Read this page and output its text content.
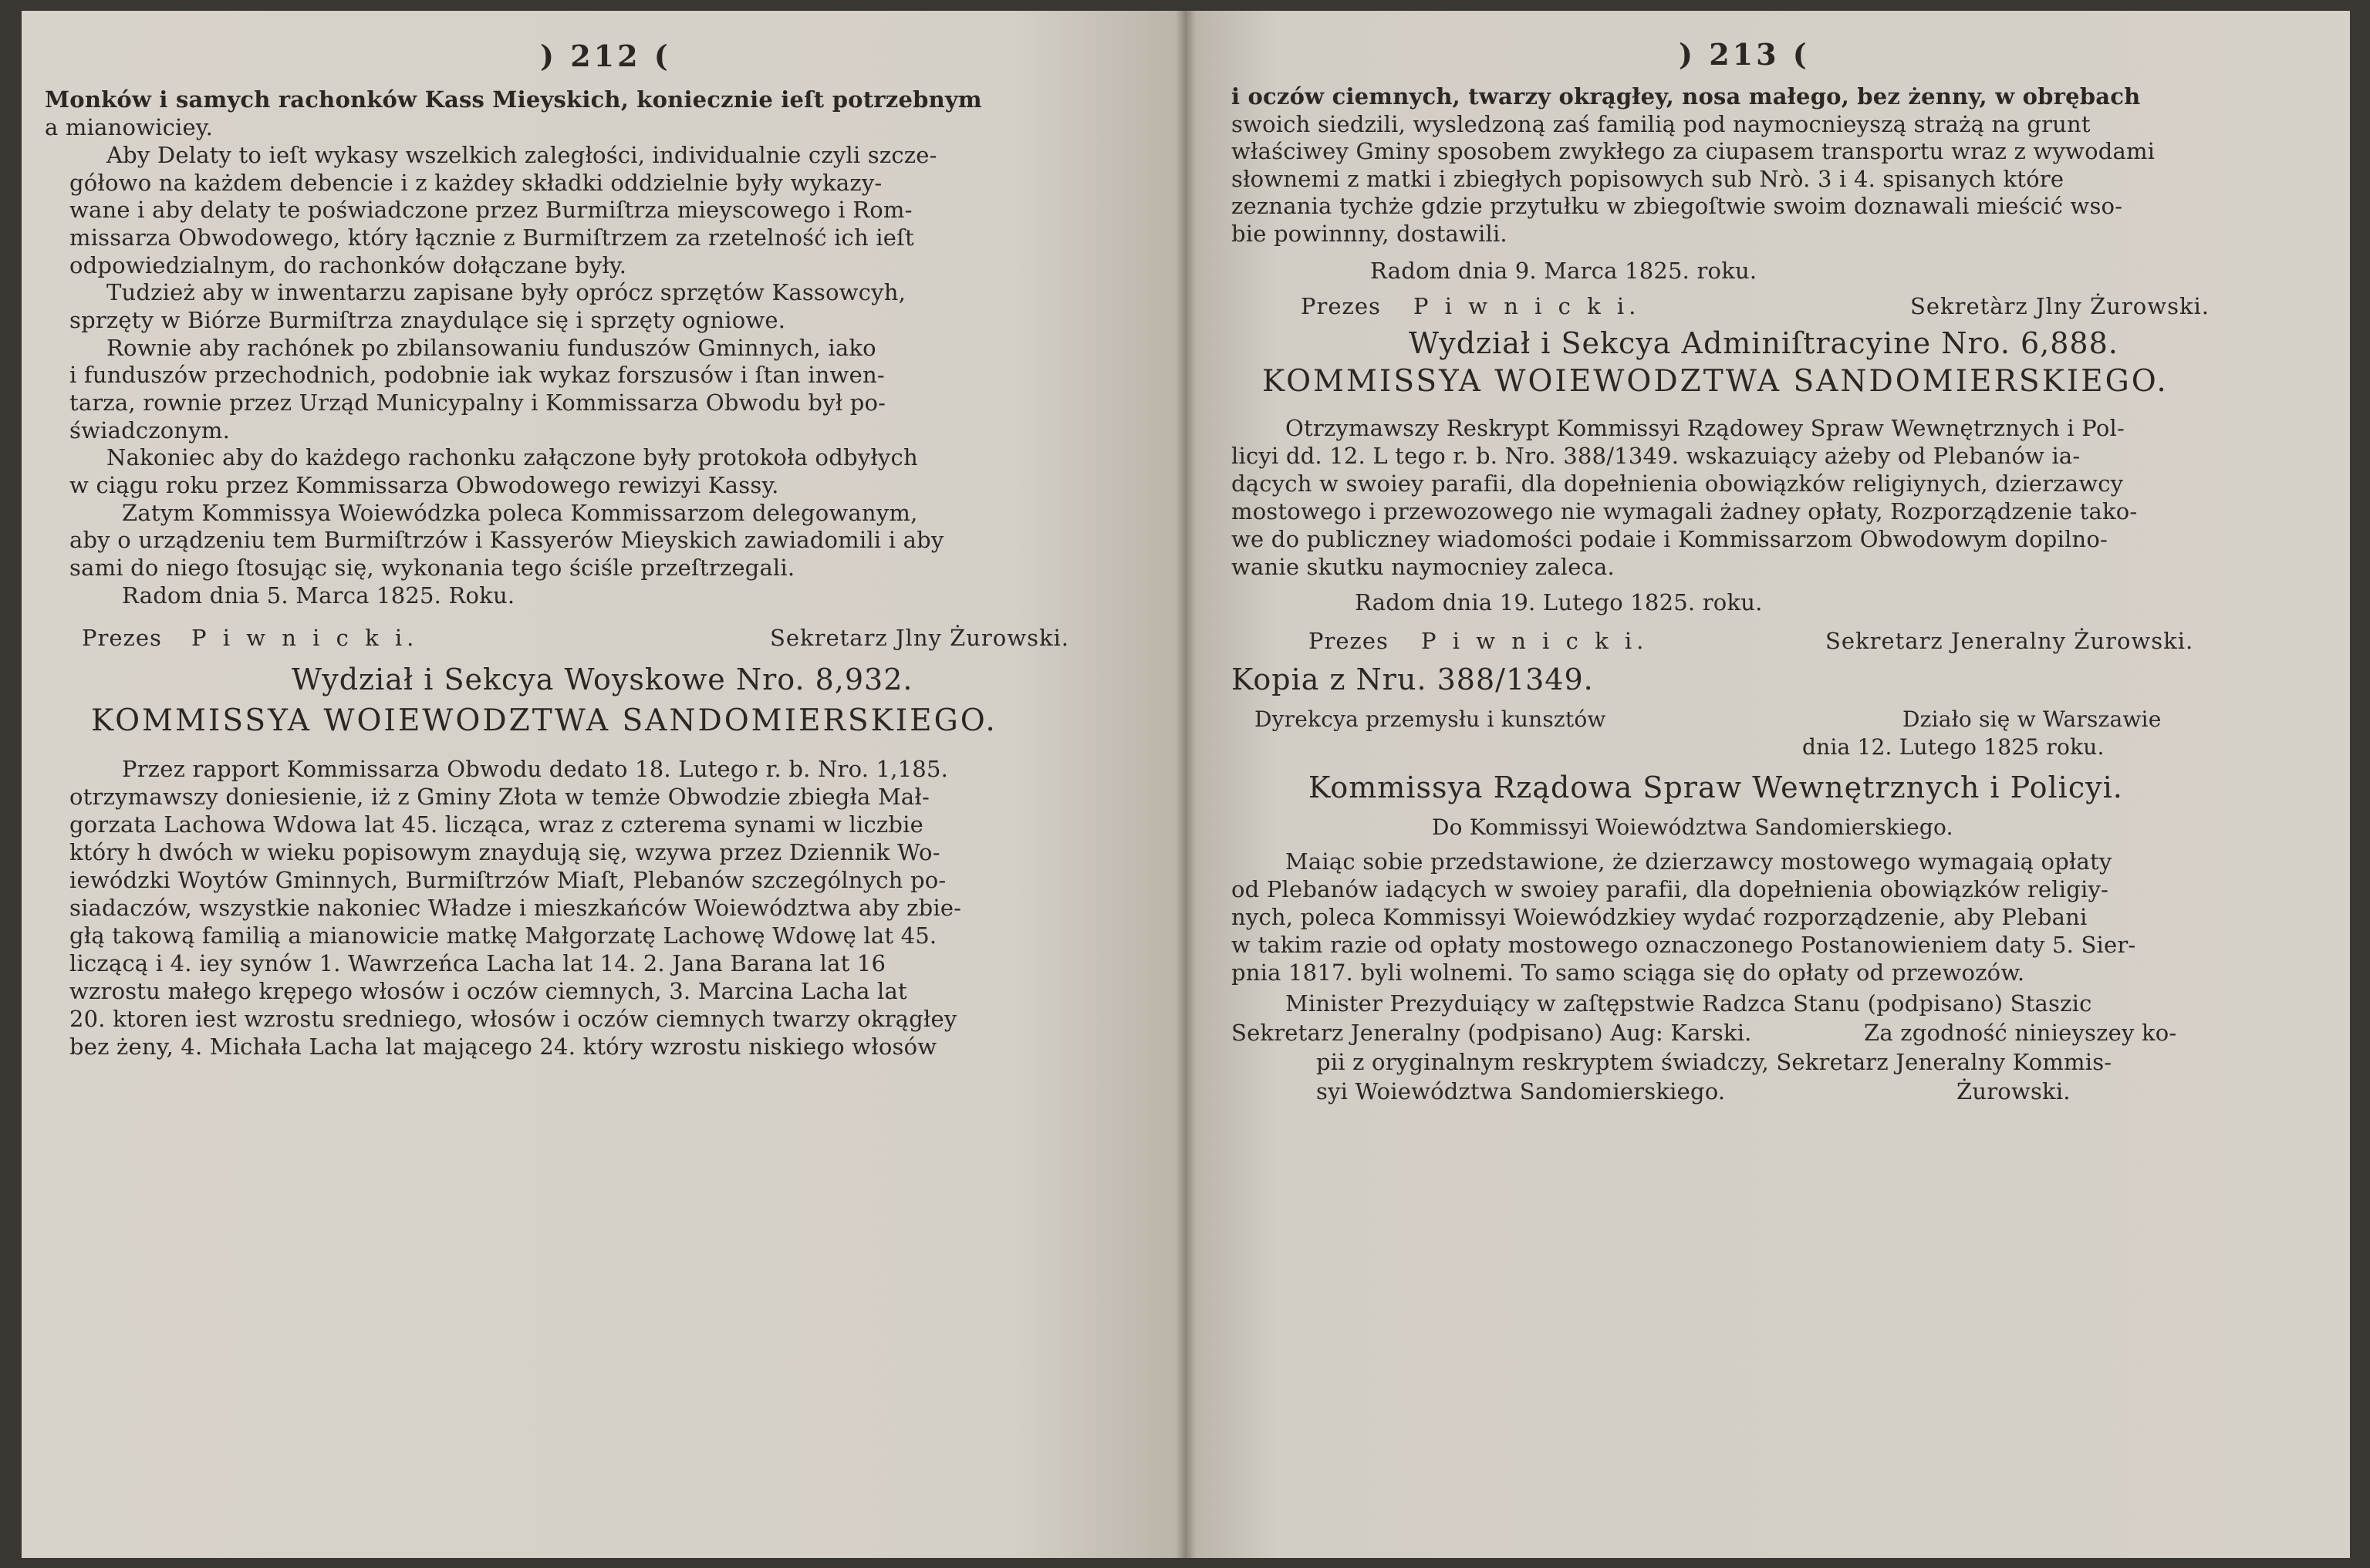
) 212 (
Monków i samych rachonków Kass Mieyskich, koniecznie ieſt potrzebnym
a mianowiciey.
Aby Delaty to ieſt wykasy wszelkich zaległości, individualnie czyli szcze-
gółowo na każdem debencie i z każdey składki oddzielnie były wykazy-
wane i aby delaty te poświadczone przez Burmiſtrza mieyscowego i Rom-
missarza Obwodowego, który łącznie z Burmiſtrzem za rzetelność ich ieſt
odpowiedzialnym, do rachonków dołączane były.
Tudzież aby w inwentarzu zapisane były oprócz sprzętów Kassowcyh,
sprzęty w Biórze Burmiſtrza znaydulące się i sprzęty ogniowe.
Rownie aby rachónek po zbilansowaniu funduszów Gminnych, iako
i funduszów przechodnich, podobnie iak wykaz forszusów i ſtan inwen-
tarza, rownie przez Urząd Municypalny i Kommissarza Obwodu był po-
świadczonym.
Nakoniec aby do każdego rachonku załączone były protokoła odbyłych
w ciągu roku przez Kommissarza Obwodowego rewizyi Kassy.
Zatym Kommissya Woiewódzka poleca Kommissarzom delegowanym,
aby o urządzeniu tem Burmiſtrzów i Kassyerów Mieyskich zawiadomili i aby
sami do niego ſtosując się, wykonania tego ściśle przeſtrzegali.
Radom dnia 5. Marca 1825. Roku.
Prezes P i w n i c k i.	Sekretarz Jlny Żurowski.
Wydział i Sekcya Woyskowe Nro. 8,932.
KOMMISSYA WOIEWODZTWA SANDOMIERSKIEGO.
Przez rapport Kommissarza Obwodu dedato 18. Lutego r. b. Nro. 1,185.
otrzymawszy doniesienie, iż z Gminy Złota w temże Obwodzie zbiegła Mał-
gorzata Lachowa Wdowa lat 45. licząca, wraz z czterema synami w liczbie
który h dwóch w wieku popisowym znaydują się, wzywa przez Dziennik Wo-
iewódzki Woytów Gminnych, Burmiſtrzów Miaſt, Plebanów szczególnych po-
siadaczów, wszystkie nakoniec Władze i mieszkańców Woiewództwa aby zbie-
głą takową familią a mianowicie matkę Małgorzatę Lachowę Wdowę lat 45.
liczącą i 4. iey synów 1. Wawrzeńca Lacha lat 14. 2. Jana Barana lat 16
wzrostu małego krępego włosów i oczów ciemnych, 3. Marcina Lacha lat
20. ktoren iest wzrostu sredniego, włosów i oczów ciemnych twarzy okrągłey
bez żeny, 4. Michała Lacha lat mającego 24. który wzrostu niskiego włosów
) 213 (
i oczów ciemnych, twarzy okrągłey, nosa małego, bez żenny, w obrębach
swoich siedzili, wysledzoną zaś familią pod naymocnieyszą strażą na grunt
właściwey Gminy sposobem zwykłego za ciupasem transportu wraz z wywodami
słownemi z matki i zbiegłych popisowych sub Nrò. 3 i 4. spisanych które
zeznania tychże gdzie przytułku w zbiegoſtwie swoim doznawali mieścić wso-
bie powinnny, dostawili.
Radom dnia 9. Marca 1825. roku.
Prezes P i w n i c k i.	Sekretàrz Jlny Żurowski.
Wydział i Sekcya Adminiſtracyine Nro. 6,888.
KOMMISSYA WOIEWODZTWA SANDOMIERSKIEGO.
Otrzymawszy Reskrypt Kommissyi Rządowey Spraw Wewnętrznych i Pol-
licyi dd. 12. L tego r. b. Nro. 388/1349. wskazuiący ażeby od Plebanów ia-
dących w swoiey parafii, dla dopełnienia obowiązków religiynych, dzierzawcy
mostowego i przewozowego nie wymagali żadney opłaty, Rozporządzenie tako-
we do publiczney wiadomości podaie i Kommissarzom Obwodowym dopilno-
wanie skutku naymocniey zaleca.
Radom dnia 19. Lutego 1825. roku.
Prezes P i w n i c k i.	Sekretarz Jeneralny Żurowski.
Kopia z Nru. 388/1349.
Dyrekcya przemysłu i kunsztów	Działo się w Warszawie
dnia 12. Lutego 1825 roku.
Kommissya Rządowa Spraw Wewnętrznych i Policyi.
Do Kommissyi Woiewództwa Sandomierskiego.
Maiąc sobie przedstawione, że dzierzawcy mostowego wymagaią opłaty
od Plebanów iadących w swoiey parafii, dla dopełnienia obowiązków religiy-
nych, poleca Kommissyi Woiewódzkiey wydać rozporządzenie, aby Plebani
w takim razie od opłaty mostowego oznaczonego Postanowieniem daty 5. Sier-
pnia 1817. byli wolnemi. To samo sciąga się do opłaty od przewozów.
Minister Prezyduiący w zaſtępstwie Radzca Stanu (podpisano) Staszic
Sekretarz Jeneralny (podpisano) Aug: Karski.	Za zgodność ninieyszey ko-
pii z oryginalnym reskryptem świadczy, Sekretarz Jeneralny Kommis-
syi Woiewództwa Sandomierskiego.	Żurowski.
